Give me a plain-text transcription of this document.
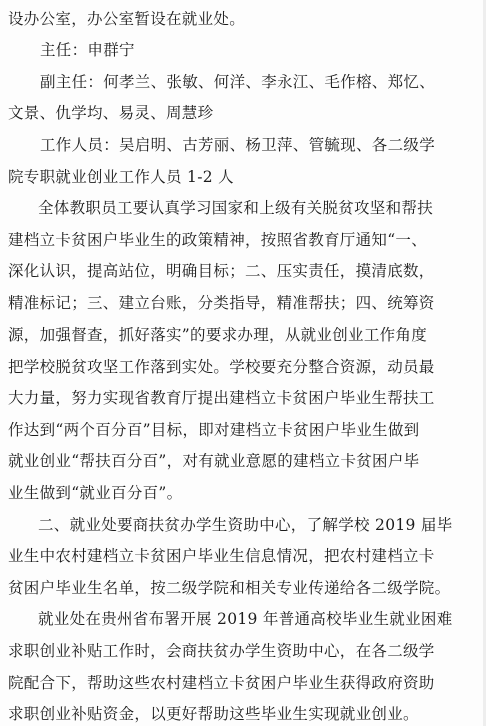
设办公室，办公室暂设在就业处。
主任：申群宁
副主任：何孝兰、张敏、何洋、李永江、毛作榕、郑忆、
文景、仇学均、易灵、周慧珍
工作人员：吴启明、古芳丽、杨卫萍、管毓现、各二级学
院专职就业创业工作人员 1-2 人
全体教职员工要认真学习国家和上级有关脱贫攻坚和帮扶
建档立卡贫困户毕业生的政策精神，按照省教育厅通知“一、
深化认识，提高站位，明确目标；二、压实责任，摸清底数，
精准标记；三、建立台账，分类指导，精准帮扶；四、统筹资
源，加强督查，抓好落实”的要求办理，从就业创业工作角度
把学校脱贫攻坚工作落到实处。学校要充分整合资源，动员最
大力量，努力实现省教育厅提出建档立卡贫困户毕业生帮扶工
作达到“两个百分百”目标，即对建档立卡贫困户毕业生做到
就业创业“帮扶百分百”，对有就业意愿的建档立卡贫困户毕
业生做到“就业百分百”。
二、就业处要商扶贫办学生资助中心，了解学校 2019 届毕
业生中农村建档立卡贫困户毕业生信息情况，把农村建档立卡
贫困户毕业生名单，按二级学院和相关专业传递给各二级学院。
就业处在贵州省布署开展 2019 年普通高校毕业生就业困难
求职创业补贴工作时，会商扶贫办学生资助中心，在各二级学
院配合下，帮助这些农村建档立卡贫困户毕业生获得政府资助
求职创业补贴资金，以更好帮助这些毕业生实现就业创业。
